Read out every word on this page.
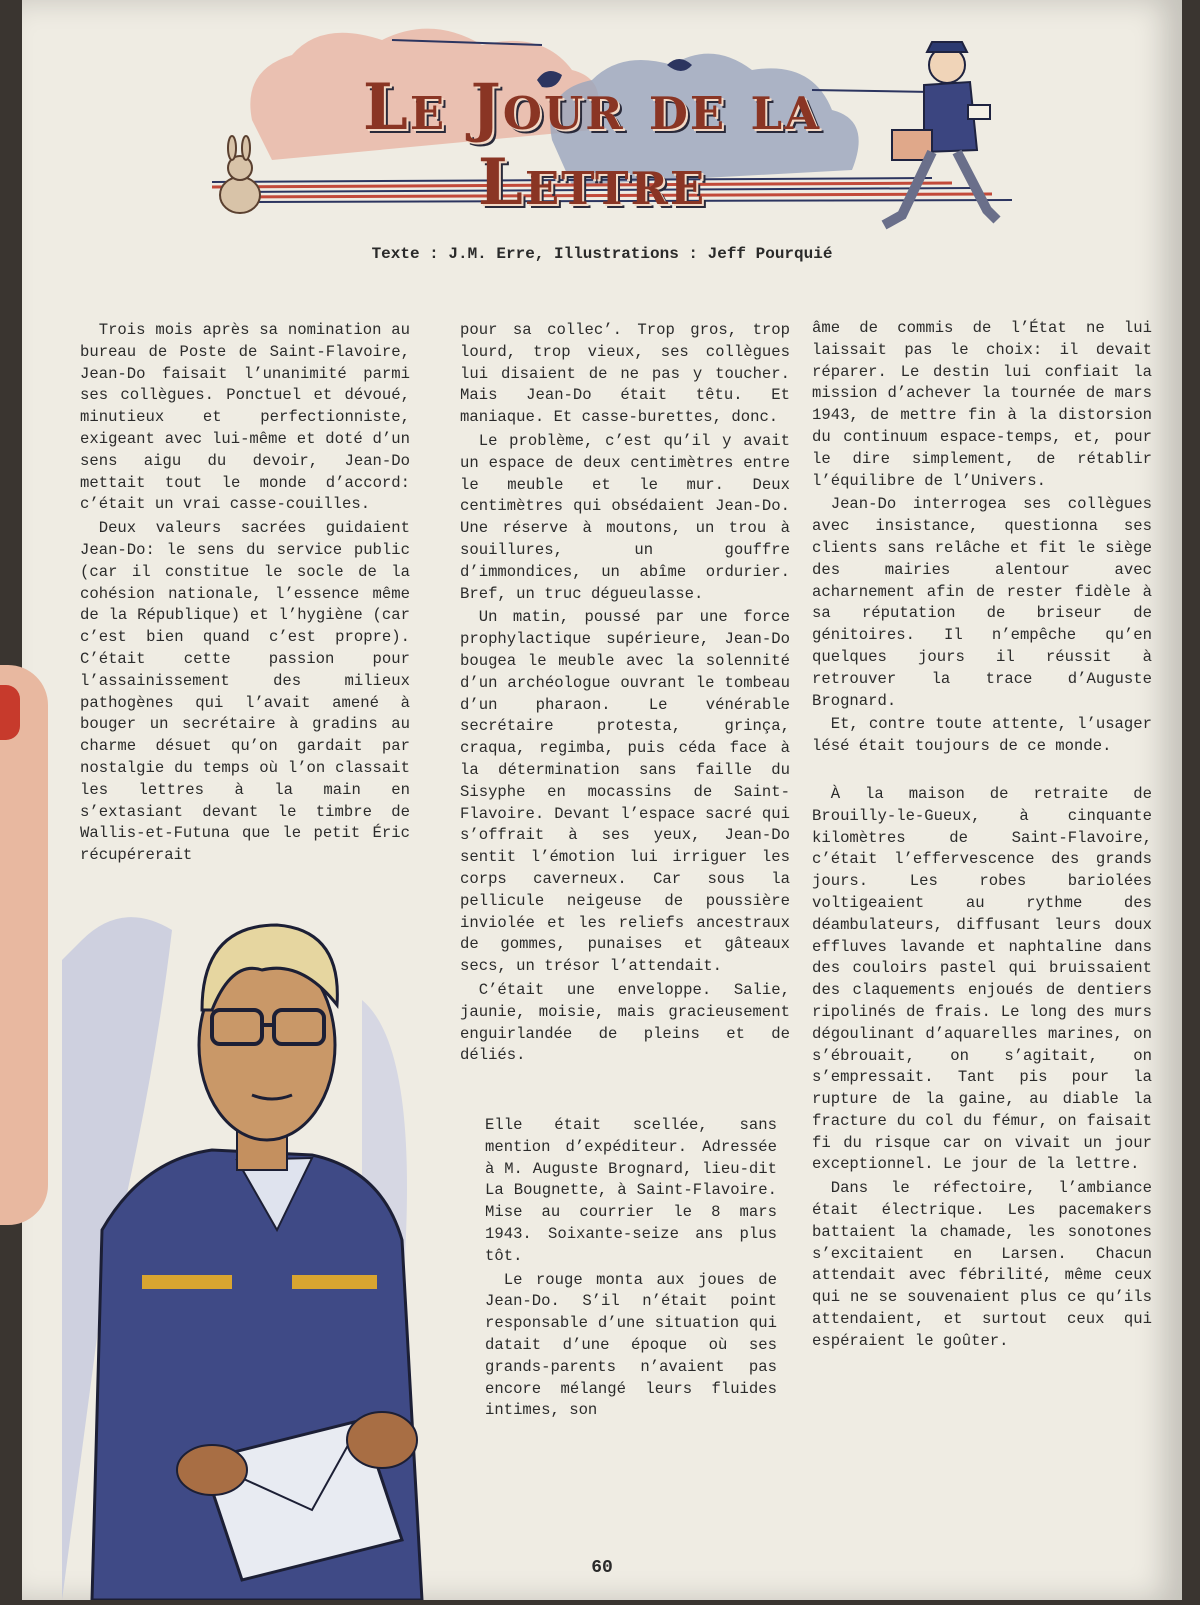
Le Jour de la Lettre
Texte : J.M. Erre, Illustrations : Jeff Pourquié

Trois mois après sa nomination au bureau de Poste de Saint-Flavoire, Jean-Do faisait l’unanimité parmi ses collègues. Ponctuel et dévoué, minutieux et perfectionniste, exigeant avec lui-même et doté d’un sens aigu du devoir, Jean-Do mettait tout le monde d’accord: c’était un vrai casse-couilles.

Deux valeurs sacrées guidaient Jean-Do: le sens du service public (car il constitue le socle de la cohésion nationale, l’essence même de la République) et l’hygiène (car c’est bien quand c’est propre). C’était cette passion pour l’assainissement des milieux pathogènes qui l’avait amené à bouger un secrétaire à gradins au charme désuet qu’on gardait par nostalgie du temps où l’on classait les lettres à la main en s’extasiant devant le timbre de Wallis-et-Futuna que le petit Éric récupérerait

pour sa collec’. Trop gros, trop lourd, trop vieux, ses collègues lui disaient de ne pas y toucher. Mais Jean-Do était têtu. Et maniaque. Et casse-burettes, donc.

Le problème, c’est qu’il y avait un espace de deux centimètres entre le meuble et le mur. Deux centimètres qui obsédaient Jean-Do. Une réserve à moutons, un trou à souillures, un gouffre d’immondices, un abîme ordurier. Bref, un truc dégueulasse.

Un matin, poussé par une force prophylactique supérieure, Jean-Do bougea le meuble avec la solennité d’un archéologue ouvrant le tombeau d’un pharaon. Le vénérable secrétaire protesta, grinça, craqua, regimba, puis céda face à la détermination sans faille du Sisyphe en mocassins de Saint-Flavoire. Devant l’espace sacré qui s’offrait à ses yeux, Jean-Do sentit l’émotion lui irriguer les corps caverneux. Car sous la pellicule neigeuse de poussière inviolée et les reliefs ancestraux de gommes, punaises et gâteaux secs, un trésor l’attendait.

C’était une enveloppe. Salie, jaunie, moisie, mais gracieusement enguirlandée de pleins et de déliés.

Elle était scellée, sans mention d’expéditeur. Adressée à M. Auguste Brognard, lieu-dit La Bougnette, à Saint-Flavoire. Mise au courrier le 8 mars 1943. Soixante-seize ans plus tôt.

Le rouge monta aux joues de Jean-Do. S’il n’était point responsable d’une situation qui datait d’une époque où ses grands-parents n’avaient pas encore mélangé leurs fluides intimes, son

âme de commis de l’État ne lui laissait pas le choix: il devait réparer. Le destin lui confiait la mission d’achever la tournée de mars 1943, de mettre fin à la distorsion du continuum espace-temps, et, pour le dire simplement, de rétablir l’équilibre de l’Univers.

Jean-Do interrogea ses collègues avec insistance, questionna ses clients sans relâche et fit le siège des mairies alentour avec acharnement afin de rester fidèle à sa réputation de briseur de génitoires. Il n’empêche qu’en quelques jours il réussit à retrouver la trace d’Auguste Brognard.

Et, contre toute attente, l’usager lésé était toujours de ce monde.

À la maison de retraite de Brouilly-le-Gueux, à cinquante kilomètres de Saint-Flavoire, c’était l’effervescence des grands jours. Les robes bariolées voltigeaient au rythme des déambulateurs, diffusant leurs doux effluves lavande et naphtaline dans des couloirs pastel qui bruissaient des claquements enjoués de dentiers ripolinés de frais. Le long des murs dégoulinant d’aquarelles marines, on s’ébrouait, on s’agitait, on s’empressait. Tant pis pour la rupture de la gaine, au diable la fracture du col du fémur, on faisait fi du risque car on vivait un jour exceptionnel. Le jour de la lettre.

Dans le réfectoire, l’ambiance était électrique. Les pacemakers battaient la chamade, les sonotones s’excitaient en Larsen. Chacun attendait avec fébrilité, même ceux qui ne se souvenaient plus ce qu’ils attendaient, et surtout ceux qui espéraient le goûter.

60
